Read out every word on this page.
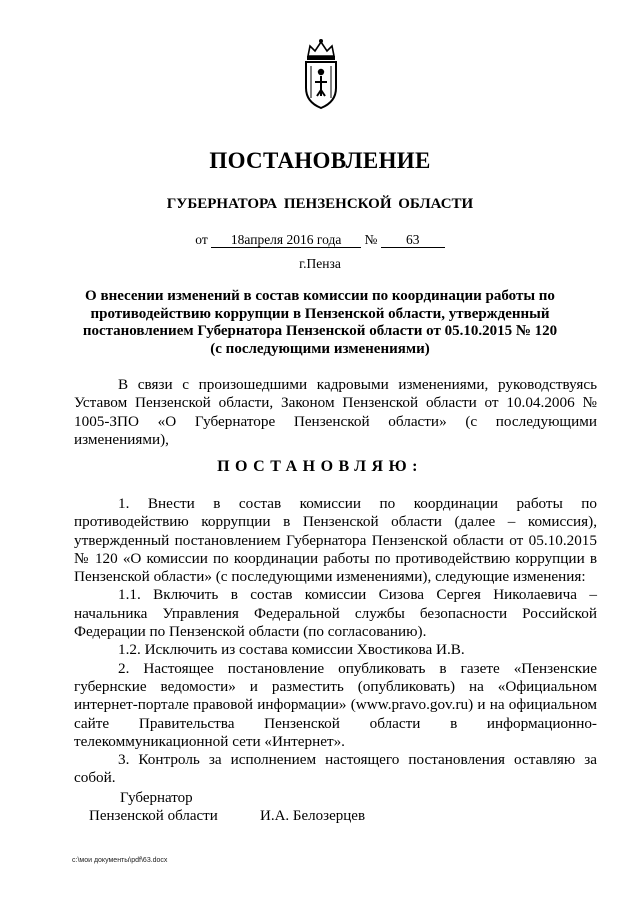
ПОСТАНОВЛЕНИЕ
ГУБЕРНАТОРА ПЕНЗЕНСКОЙ ОБЛАСТИ
от 18апреля 2016 года № 63
г.Пенза
О внесении изменений в состав комиссии по координации работы по противодействию коррупции в Пензенской области, утвержденный постановлением Губернатора Пензенской области от 05.10.2015 № 120 (с последующими изменениями)

В связи с произошедшими кадровыми изменениями, руководствуясь Уставом Пензенской области, Законом Пензенской области от 10.04.2006 № 1005-ЗПО «О Губернаторе Пензенской области» (с последующими изменениями),

ПОСТАНОВЛЯЮ:

1. Внести в состав комиссии по координации работы по противодействию коррупции в Пензенской области (далее – комиссия), утвержденный постановлением Губернатора Пензенской области от 05.10.2015 № 120 «О комиссии по координации работы по противодействию коррупции в Пензенской области» (с последующими изменениями), следующие изменения:

1.1. Включить в состав комиссии Сизова Сергея Николаевича – начальника Управления Федеральной службы безопасности Российской Федерации по Пензенской области (по согласованию).

1.2. Исключить из состава комиссии Хвостикова И.В.

2. Настоящее постановление опубликовать в газете «Пензенские губернские ведомости» и разместить (опубликовать) на «Официальном интернет-портале правовой информации» (www.pravo.gov.ru) и на официальном сайте Правительства Пензенской области в информационно-телекоммуникационной сети «Интернет».

3. Контроль за исполнением настоящего постановления оставляю за собой.

Губернатор
Пензенской области	И.А. Белозерцев
c:\мои документы\pdf\63.docx
